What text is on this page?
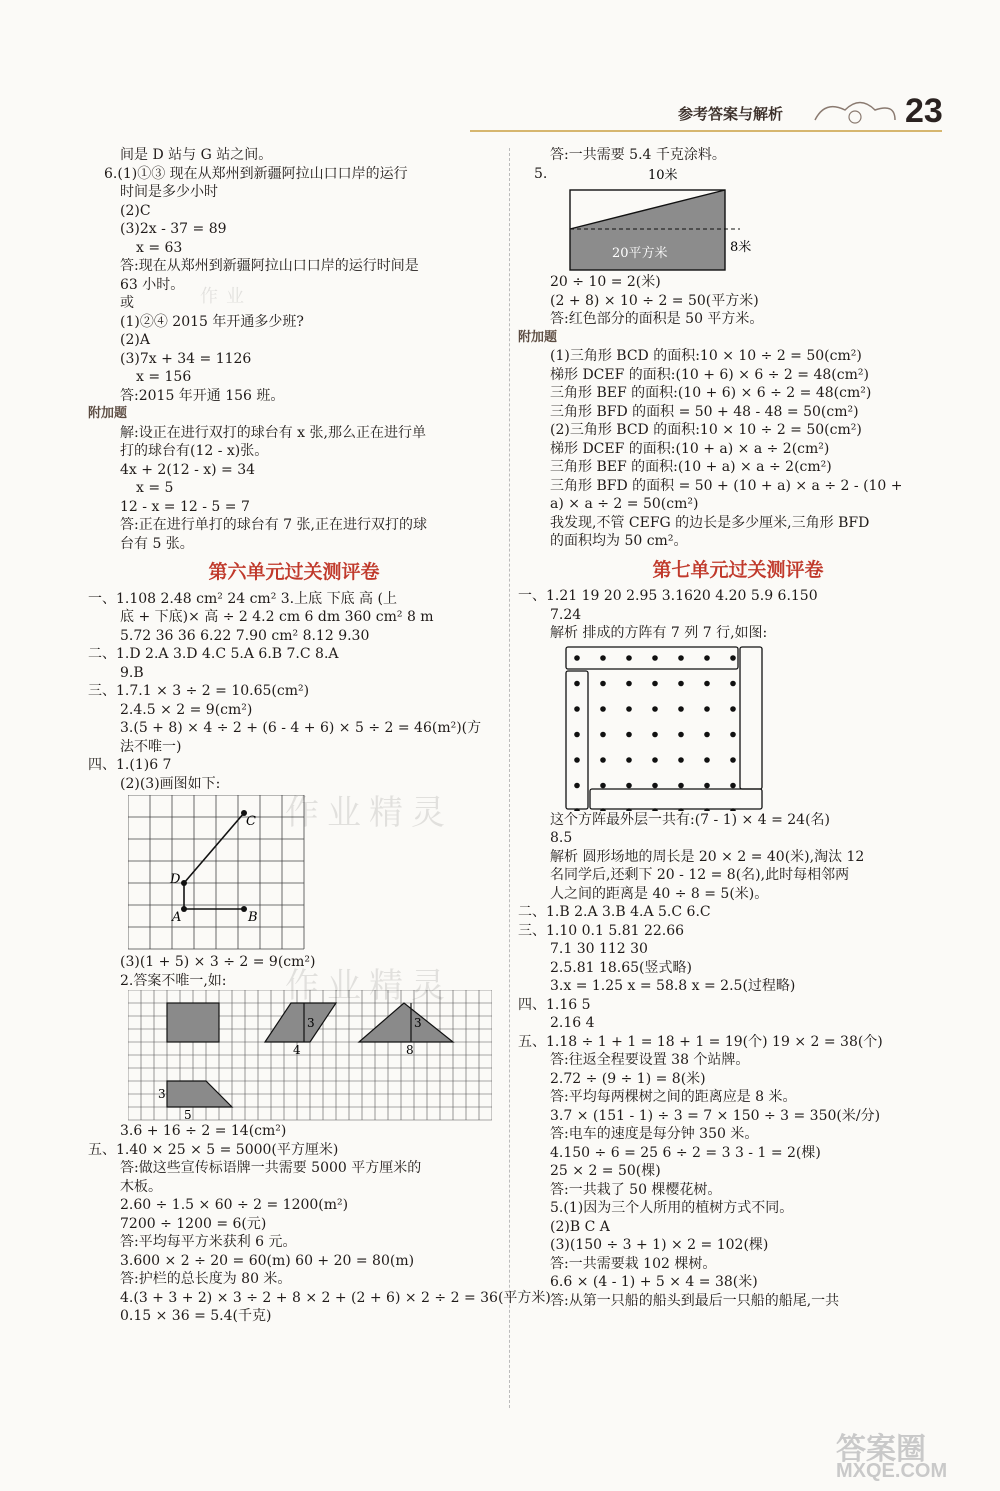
参考答案与解析	23
间是 D 站与 G 站之间。
6.(1)①③ 现在从郑州到新疆阿拉山口口岸的运行
时间是多少小时
(2)C
(3)2x - 37 = 89
x = 63
答:现在从郑州到新疆阿拉山口口岸的运行时间是
63 小时。
或
(1)②④ 2015 年开通多少班?
(2)A
(3)7x + 34 = 1126
x = 156
答:2015 年开通 156 班。
附加题
解:设正在进行双打的球台有 x 张,那么正在进行单
打的球台有(12 - x)张。
4x + 2(12 - x) = 34
x = 5
12 - x = 12 - 5 = 7
答:正在进行单打的球台有 7 张,正在进行双打的球
台有 5 张。
第六单元过关测评卷
一、1.108 2.48 cm² 24 cm² 3.上底 下底 高 (上
底 + 下底)× 高 ÷ 2 4.2 cm 6 dm 360 cm² 8 m
5.72 36 36 6.22 7.90 cm² 8.12 9.30
二、1.D 2.A 3.D 4.C 5.A 6.B 7.C 8.A
9.B
三、1.7.1 × 3 ÷ 2 = 10.65(cm²)
2.4.5 × 2 = 9(cm²)
3.(5 + 8) × 4 ÷ 2 + (6 - 4 + 6) × 5 ÷ 2 = 46(m²)(方
法不唯一)
四、1.(1)6 7
(2)(3)画图如下:
C
D
A	B
(3)(1 + 5) × 3 ÷ 2 = 9(cm²)
2.答案不唯一,如:
3
4
3
8
3
5
3.6 + 16 ÷ 2 = 14(cm²)
五、1.40 × 25 × 5 = 5000(平方厘米)
答:做这些宣传标语牌一共需要 5000 平方厘米的
木板。
2.60 ÷ 1.5 × 60 ÷ 2 = 1200(m²)
7200 ÷ 1200 = 6(元)
答:平均每平方米获利 6 元。
3.600 × 2 ÷ 20 = 60(m) 60 + 20 = 80(m)
答:护栏的总长度为 80 米。
4.(3 + 3 + 2) × 3 ÷ 2 + 8 × 2 + (2 + 6) × 2 ÷ 2 = 36(平方米)
0.15 × 36 = 5.4(千克)
答:一共需要 5.4 千克涂料。
5.	10米
8米
20平方米
20 ÷ 10 = 2(米)
(2 + 8) × 10 ÷ 2 = 50(平方米)
答:红色部分的面积是 50 平方米。
附加题
(1)三角形 BCD 的面积:10 × 10 ÷ 2 = 50(cm²)
梯形 DCEF 的面积:(10 + 6) × 6 ÷ 2 = 48(cm²)
三角形 BEF 的面积:(10 + 6) × 6 ÷ 2 = 48(cm²)
三角形 BFD 的面积 = 50 + 48 - 48 = 50(cm²)
(2)三角形 BCD 的面积:10 × 10 ÷ 2 = 50(cm²)
梯形 DCEF 的面积:(10 + a) × a ÷ 2(cm²)
三角形 BEF 的面积:(10 + a) × a ÷ 2(cm²)
三角形 BFD 的面积 = 50 + (10 + a) × a ÷ 2 - (10 +
a) × a ÷ 2 = 50(cm²)
我发现,不管 CEFG 的边长是多少厘米,三角形 BFD
的面积均为 50 cm²。
第七单元过关测评卷
一、1.21 19 20 2.95 3.1620 4.20 5.9 6.150
7.24
解析 排成的方阵有 7 列 7 行,如图:
这个方阵最外层一共有:(7 - 1) × 4 = 24(名)
8.5
解析 圆形场地的周长是 20 × 2 = 40(米),淘汰 12
名同学后,还剩下 20 - 12 = 8(名),此时每相邻两
人之间的距离是 40 ÷ 8 = 5(米)。
二、1.B 2.A 3.B 4.A 5.C 6.C
三、1.10 0.1 5.81 22.66
7.1 30 112 30
2.5.81 18.65(竖式略)
3.x = 1.25 x = 58.8 x = 2.5(过程略)
四、1.16 5
2.16 4
五、1.18 ÷ 1 + 1 = 18 + 1 = 19(个) 19 × 2 = 38(个)
答:往返全程要设置 38 个站牌。
2.72 ÷ (9 ÷ 1) = 8(米)
答:平均每两棵树之间的距离应是 8 米。
3.7 × (151 - 1) ÷ 3 = 7 × 150 ÷ 3 = 350(米/分)
答:电车的速度是每分钟 350 米。
4.150 ÷ 6 = 25 6 ÷ 2 = 3 3 - 1 = 2(棵)
25 × 2 = 50(棵)
答:一共栽了 50 棵樱花树。
5.(1)因为三个人所用的植树方式不同。
(2)B C A
(3)(150 ÷ 3 + 1) × 2 = 102(棵)
答:一共需要栽 102 棵树。
6.6 × (4 - 1) + 5 × 4 = 38(米)
答:从第一只船的船头到最后一只船的船尾,一共
作业精灵
作业精灵
作业
答案圈
MXQE.COM
